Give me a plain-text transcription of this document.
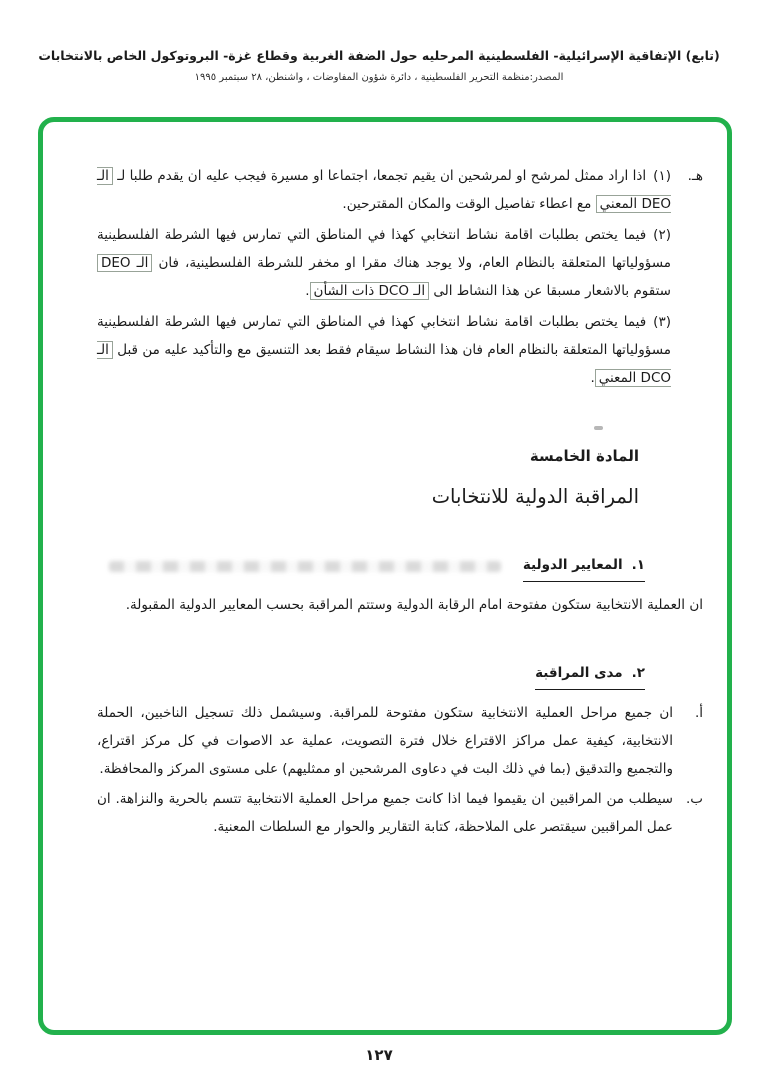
(تابع) الإتفاقية الإسرائيلية- الفلسطينية المرحليه حول الضفة الغربية وقطاع غزة- البروتوكول الخاص بالانتخابات
المصدر:منظمة التحرير الفلسطينية ، دائرة شؤون المفاوضات ، واشنطن، ٢٨ سبتمبر ١٩٩٥
هـ.

(١)اذا اراد ممثل لمرشح او لمرشحين ان يقيم تجمعا، اجتماعا او مسيرة فيجب عليه ان يقدم طلبا لـ الـ DEO المعني مع اعطاء تفاصيل الوقت والمكان المقترحين.

(٢)فيما يختص بطلبات اقامة نشاط انتخابي كهذا في المناطق التي تمارس فيها الشرطة الفلسطينية مسؤولياتها المتعلقة بالنظام العام، ولا يوجد هناك مقرا او مخفر للشرطة الفلسطينية، فان الـ DEO ستقوم بالاشعار مسبقا عن هذا النشاط الى الـ DCO ذات الشأن.

(٣)فيما يختص بطلبات اقامة نشاط انتخابي كهذا في المناطق التي تمارس فيها الشرطة الفلسطينية مسؤولياتها المتعلقة بالنظام العام فان هذا النشاط سيقام فقط بعد التنسيق مع والتأكيد عليه من قبل الـ DCO المعني.

المادة الخامسة
المراقبة الدولية للانتخابات
١.المعايير الدولية

ان العملية الانتخابية ستكون مفتوحة امام الرقابة الدولية وستتم المراقبة بحسب المعايير الدولية المقبولة.

٢.مدى المراقبة
أ.

ان جميع مراحل العملية الانتخابية ستكون مفتوحة للمراقبة. وسيشمل ذلك تسجيل الناخبين، الحملة الانتخابية، كيفية عمل مراكز الاقتراع خلال فترة التصويت، عملية عد الاصوات في كل مركز اقتراع، والتجميع والتدقيق (بما في ذلك البت في دعاوى المرشحين او ممثليهم) على مستوى المركز والمحافظة.

ب.

سيطلب من المراقبين ان يقيموا فيما اذا كانت جميع مراحل العملية الانتخابية تتسم بالحرية والنزاهة. ان عمل المراقبين سيقتصر على الملاحظة، كتابة التقارير والحوار مع السلطات المعنية.

١٢٧
